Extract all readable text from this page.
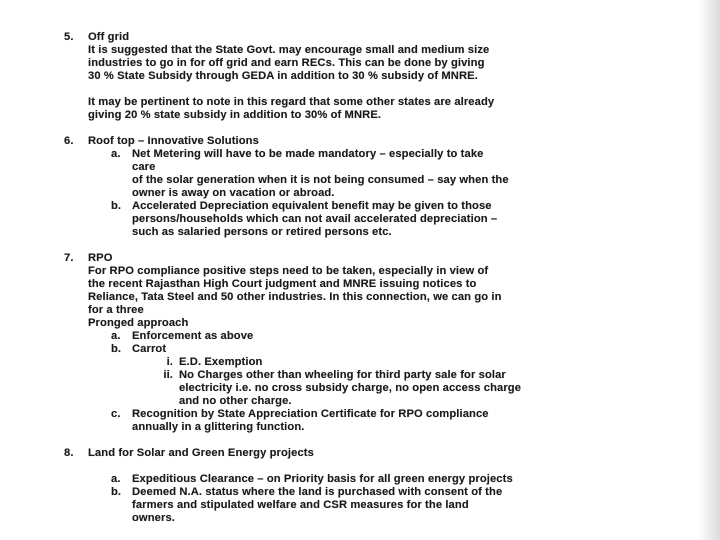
5. Off grid
It is suggested that the State Govt. may encourage small and medium size
industries to go in for off grid and earn RECs. This can be done by giving
30 % State Subsidy through GEDA in addition to 30 % subsidy of MNRE.
It may be pertinent to note in this regard that some other states are already
giving 20 % state subsidy in addition to 30% of MNRE.
6. Roof top – Innovative Solutions
a. Net Metering will have to be made mandatory – especially to take
care
of the solar generation when it is not being consumed – say when the
owner is away on vacation or abroad.
b. Accelerated Depreciation equivalent benefit may be given to those
persons/households which can not avail accelerated depreciation –
such as salaried persons or retired persons etc.
7. RPO
For RPO compliance positive steps need to be taken, especially in view of
the recent Rajasthan High Court judgment and MNRE issuing notices to
Reliance, Tata Steel and 50 other industries. In this connection, we can go in
for a three
Pronged approach
a. Enforcement as above
b. Carrot
i. E.D. Exemption
ii. No Charges other than wheeling for third party sale for solar
electricity i.e. no cross subsidy charge, no open access charge
and no other charge.
c. Recognition by State Appreciation Certificate for RPO compliance
annually in a glittering function.
8. Land for Solar and Green Energy projects
a. Expeditious Clearance – on Priority basis for all green energy projects
b. Deemed N.A. status where the land is purchased with consent of the
farmers and stipulated welfare and CSR measures for the land
owners.
